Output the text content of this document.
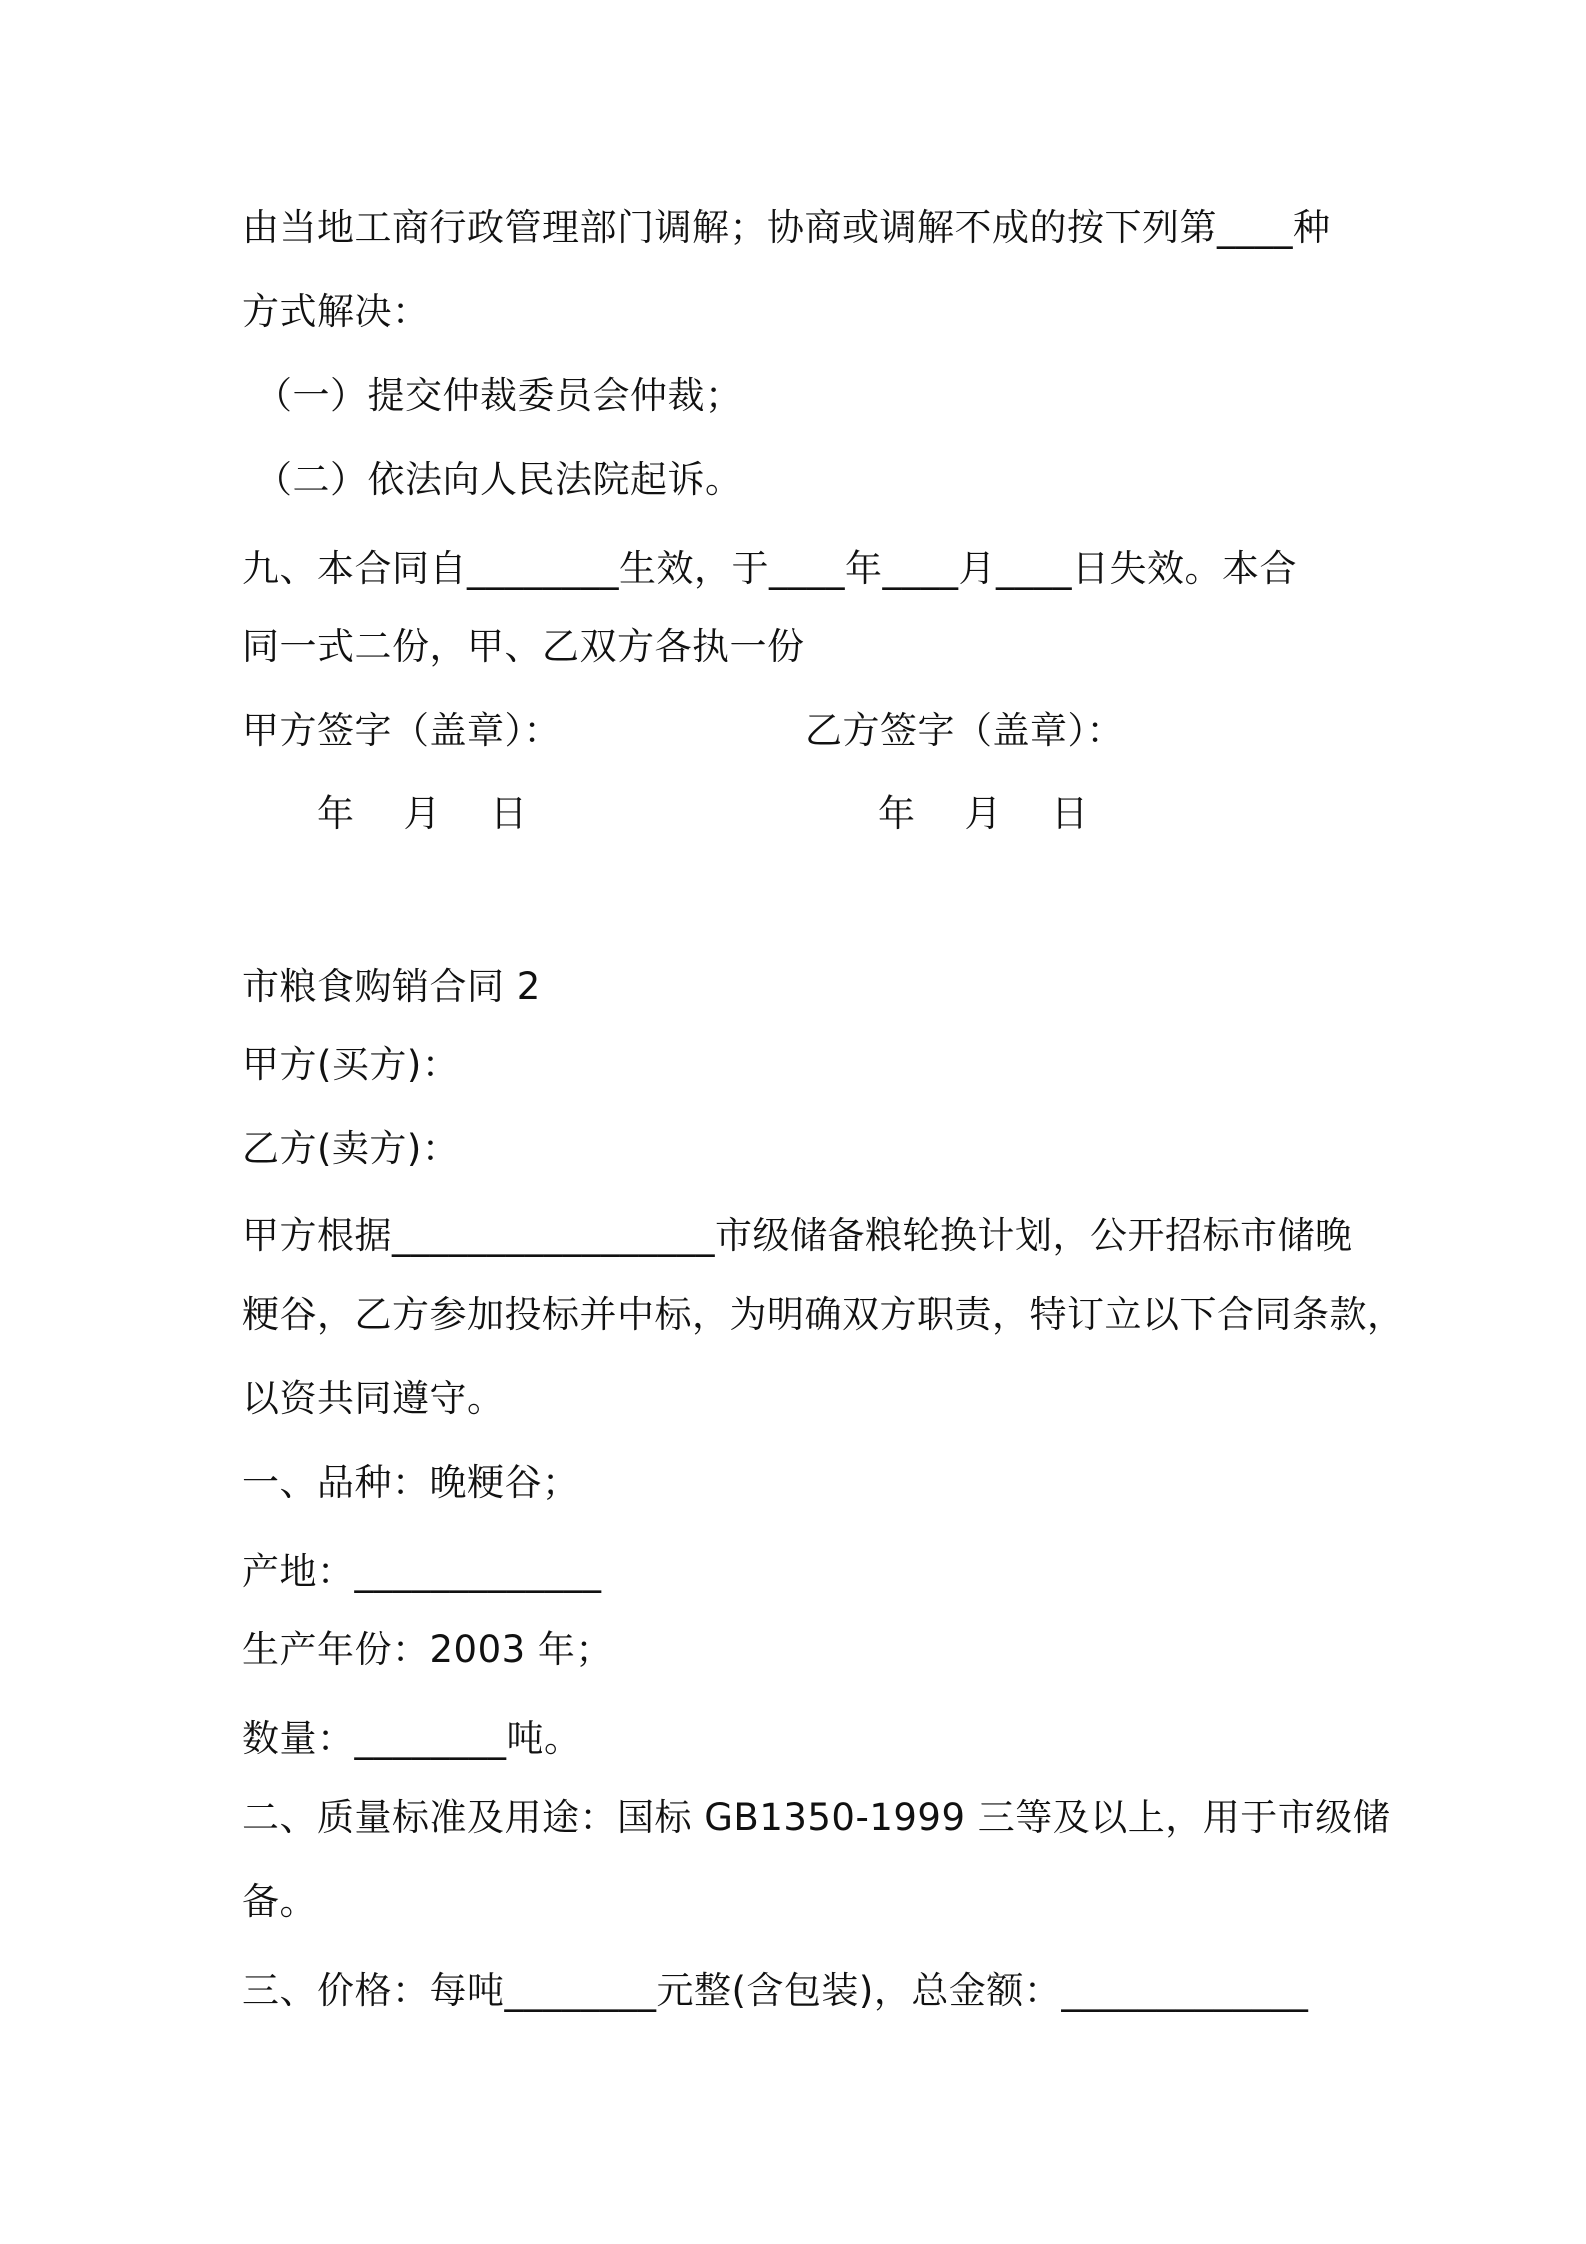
由当地工商行政管理部门调解；协商或调解不成的按下列第____种
方式解决：
（一）提交仲裁委员会仲裁；
（二）依法向人民法院起诉。
九、本合同自________生效，于____年____月____日失效。本合
同一式二份，甲、乙双方各执一份
甲方签字（盖章）：	乙方签字（盖章）：
年    月    日	年    月    日
市粮食购销合同 2
甲方(买方)：
乙方(卖方)：
甲方根据_________________市级储备粮轮换计划，公开招标市储晚
粳谷，乙方参加投标并中标，为明确双方职责，特订立以下合同条款，
以资共同遵守。
一、品种：晚粳谷；
产地：_____________
生产年份：2003 年；
数量：________吨。
二、质量标准及用途：国标 GB1350-1999 三等及以上，用于市级储
备。
三、价格：每吨________元整(含包装)，总金额：_____________
